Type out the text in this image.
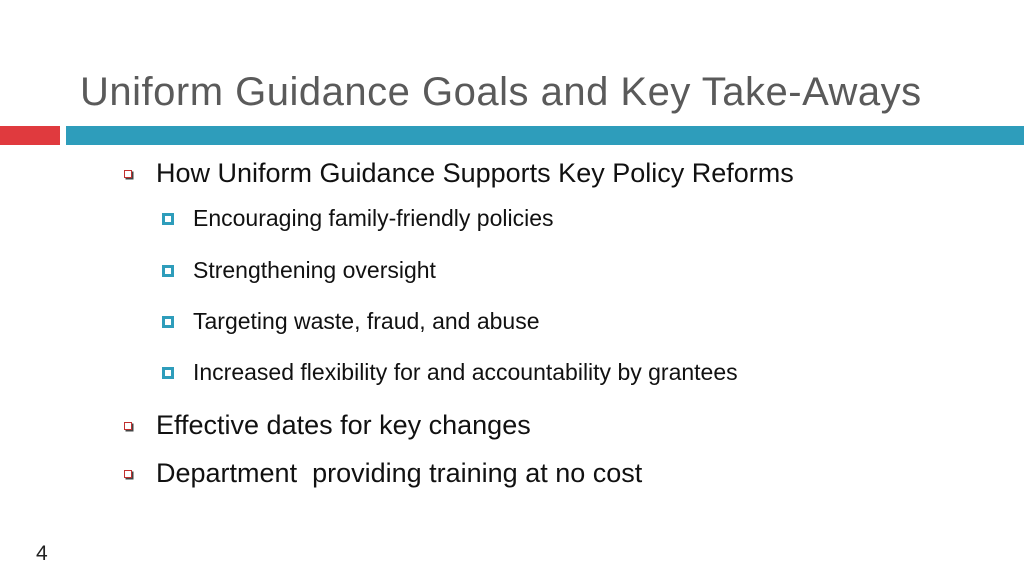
Uniform Guidance Goals and Key Take-Aways
How Uniform Guidance Supports Key Policy Reforms
Encouraging family-friendly policies
Strengthening oversight
Targeting waste, fraud, and abuse
Increased flexibility for and accountability by grantees
Effective dates for key changes
Department  providing training at no cost
4
